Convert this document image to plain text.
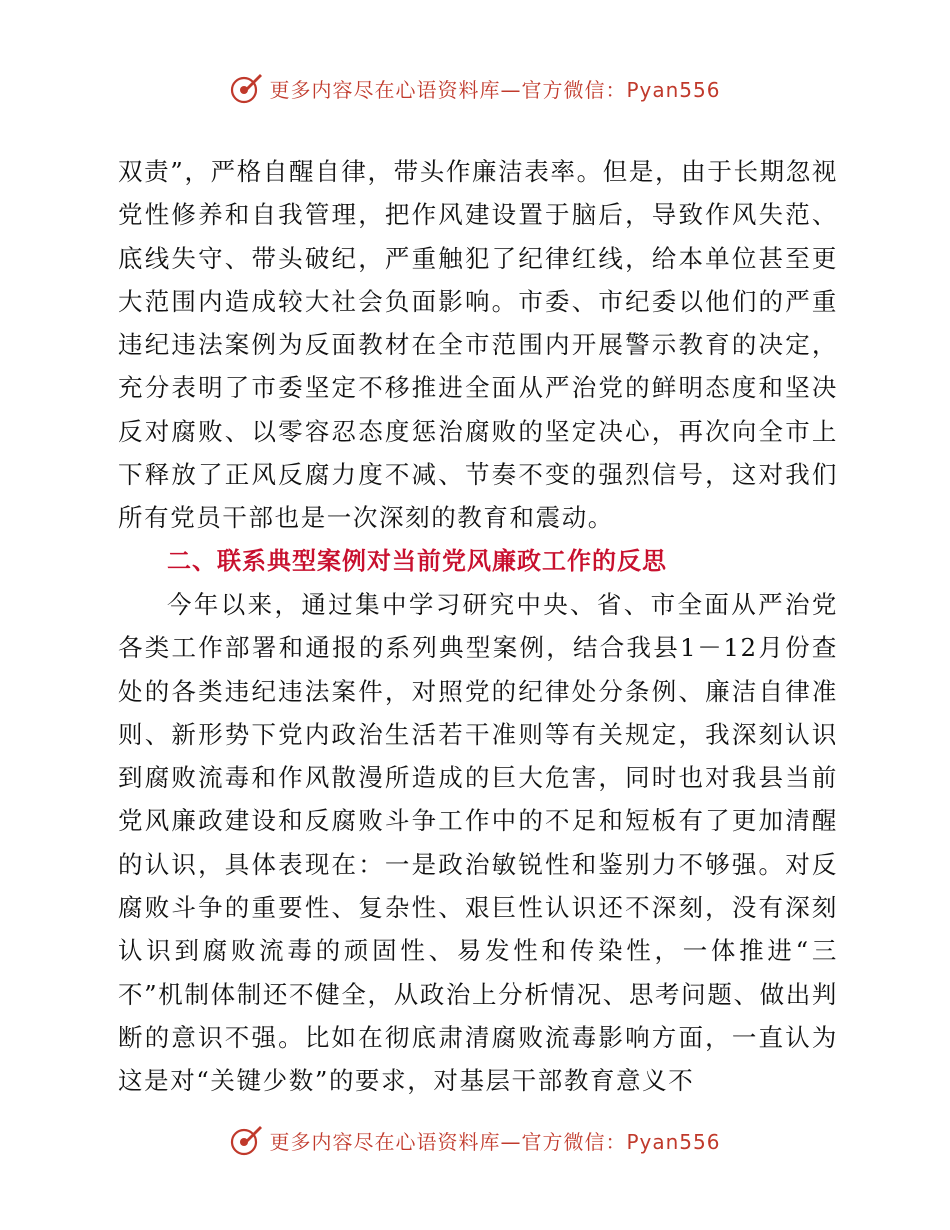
更多内容尽在心语资料库—官方微信：Pyan556

双责”，严格自醒自律，带头作廉洁表率。但是，由于长期忽视党性修养和自我管理，把作风建设置于脑后，导致作风失范、底线失守、带头破纪，严重触犯了纪律红线，给本单位甚至更大范围内造成较大社会负面影响。市委、市纪委以他们的严重违纪违法案例为反面教材在全市范围内开展警示教育的决定，充分表明了市委坚定不移推进全面从严治党的鲜明态度和坚决反对腐败、以零容忍态度惩治腐败的坚定决心，再次向全市上下释放了正风反腐力度不减、节奏不变的强烈信号，这对我们所有党员干部也是一次深刻的教育和震动。

二、联系典型案例对当前党风廉政工作的反思

今年以来，通过集中学习研究中央、省、市全面从严治党各类工作部署和通报的系列典型案例，结合我县1－12月份查处的各类违纪违法案件，对照党的纪律处分条例、廉洁自律准则、新形势下党内政治生活若干准则等有关规定，我深刻认识到腐败流毒和作风散漫所造成的巨大危害，同时也对我县当前党风廉政建设和反腐败斗争工作中的不足和短板有了更加清醒的认识，具体表现在：一是政治敏锐性和鉴别力不够强。对反腐败斗争的重要性、复杂性、艰巨性认识还不深刻，没有深刻认识到腐败流毒的顽固性、易发性和传染性，一体推进“三不”机制体制还不健全，从政治上分析情况、思考问题、做出判断的意识不强。比如在彻底肃清腐败流毒影响方面，一直认为这是对“关键少数”的要求，对基层干部教育意义不

更多内容尽在心语资料库—官方微信：Pyan556
